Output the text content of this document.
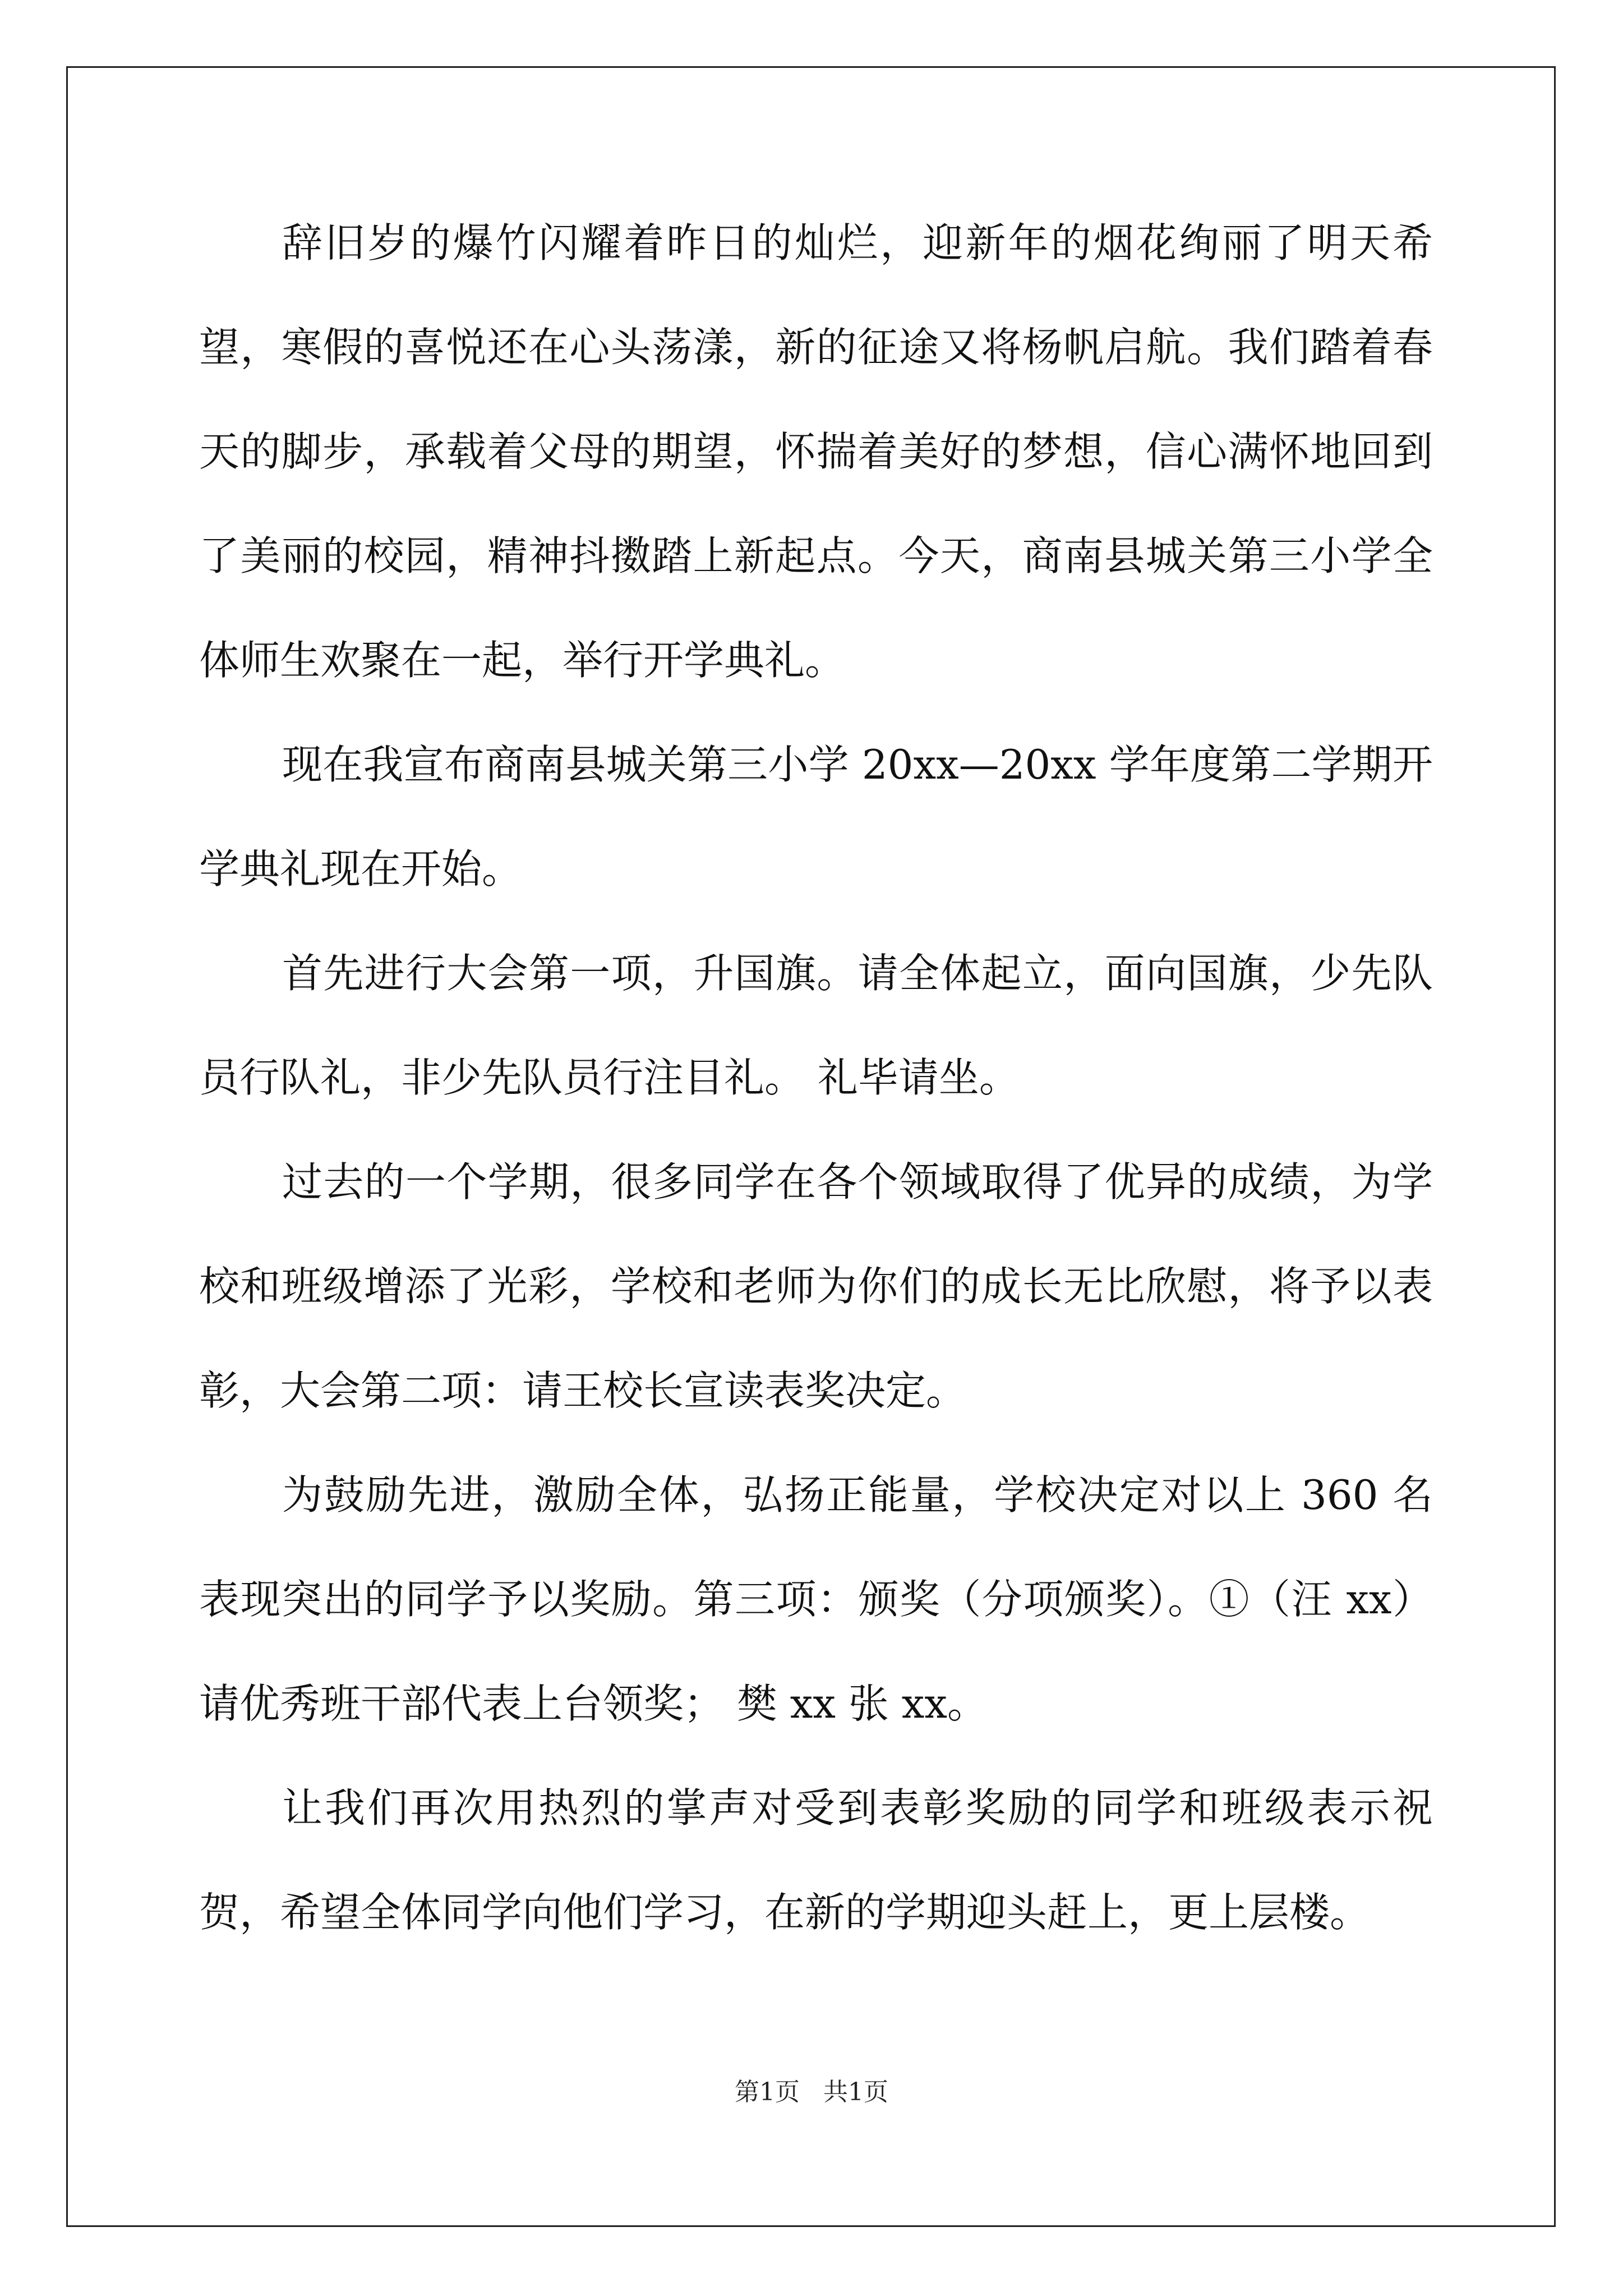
辞旧岁的爆竹闪耀着昨日的灿烂，迎新年的烟花绚丽了明天希望，寒假的喜悦还在心头荡漾，新的征途又将杨帆启航。我们踏着春天的脚步，承载着父母的期望，怀揣着美好的梦想，信心满怀地回到了美丽的校园，精神抖擞踏上新起点。今天，商南县城关第三小学全体师生欢聚在一起，举行开学典礼。

现在我宣布商南县城关第三小学 20xx—20xx 学年度第二学期开学典礼现在开始。

首先进行大会第一项，升国旗。请全体起立，面向国旗，少先队员行队礼，非少先队员行注目礼。 礼毕请坐。

过去的一个学期，很多同学在各个领域取得了优异的成绩，为学校和班级增添了光彩，学校和老师为你们的成长无比欣慰，将予以表彰，大会第二项：请王校长宣读表奖决定。

为鼓励先进，激励全体，弘扬正能量，学校决定对以上 360 名表现突出的同学予以奖励。第三项：颁奖（分项颁奖）。①（汪 xx）请优秀班干部代表上台领奖； 樊 xx 张 xx。

让我们再次用热烈的掌声对受到表彰奖励的同学和班级表示祝贺，希望全体同学向他们学习，在新的学期迎头赶上，更上层楼。

第1页   共1页
